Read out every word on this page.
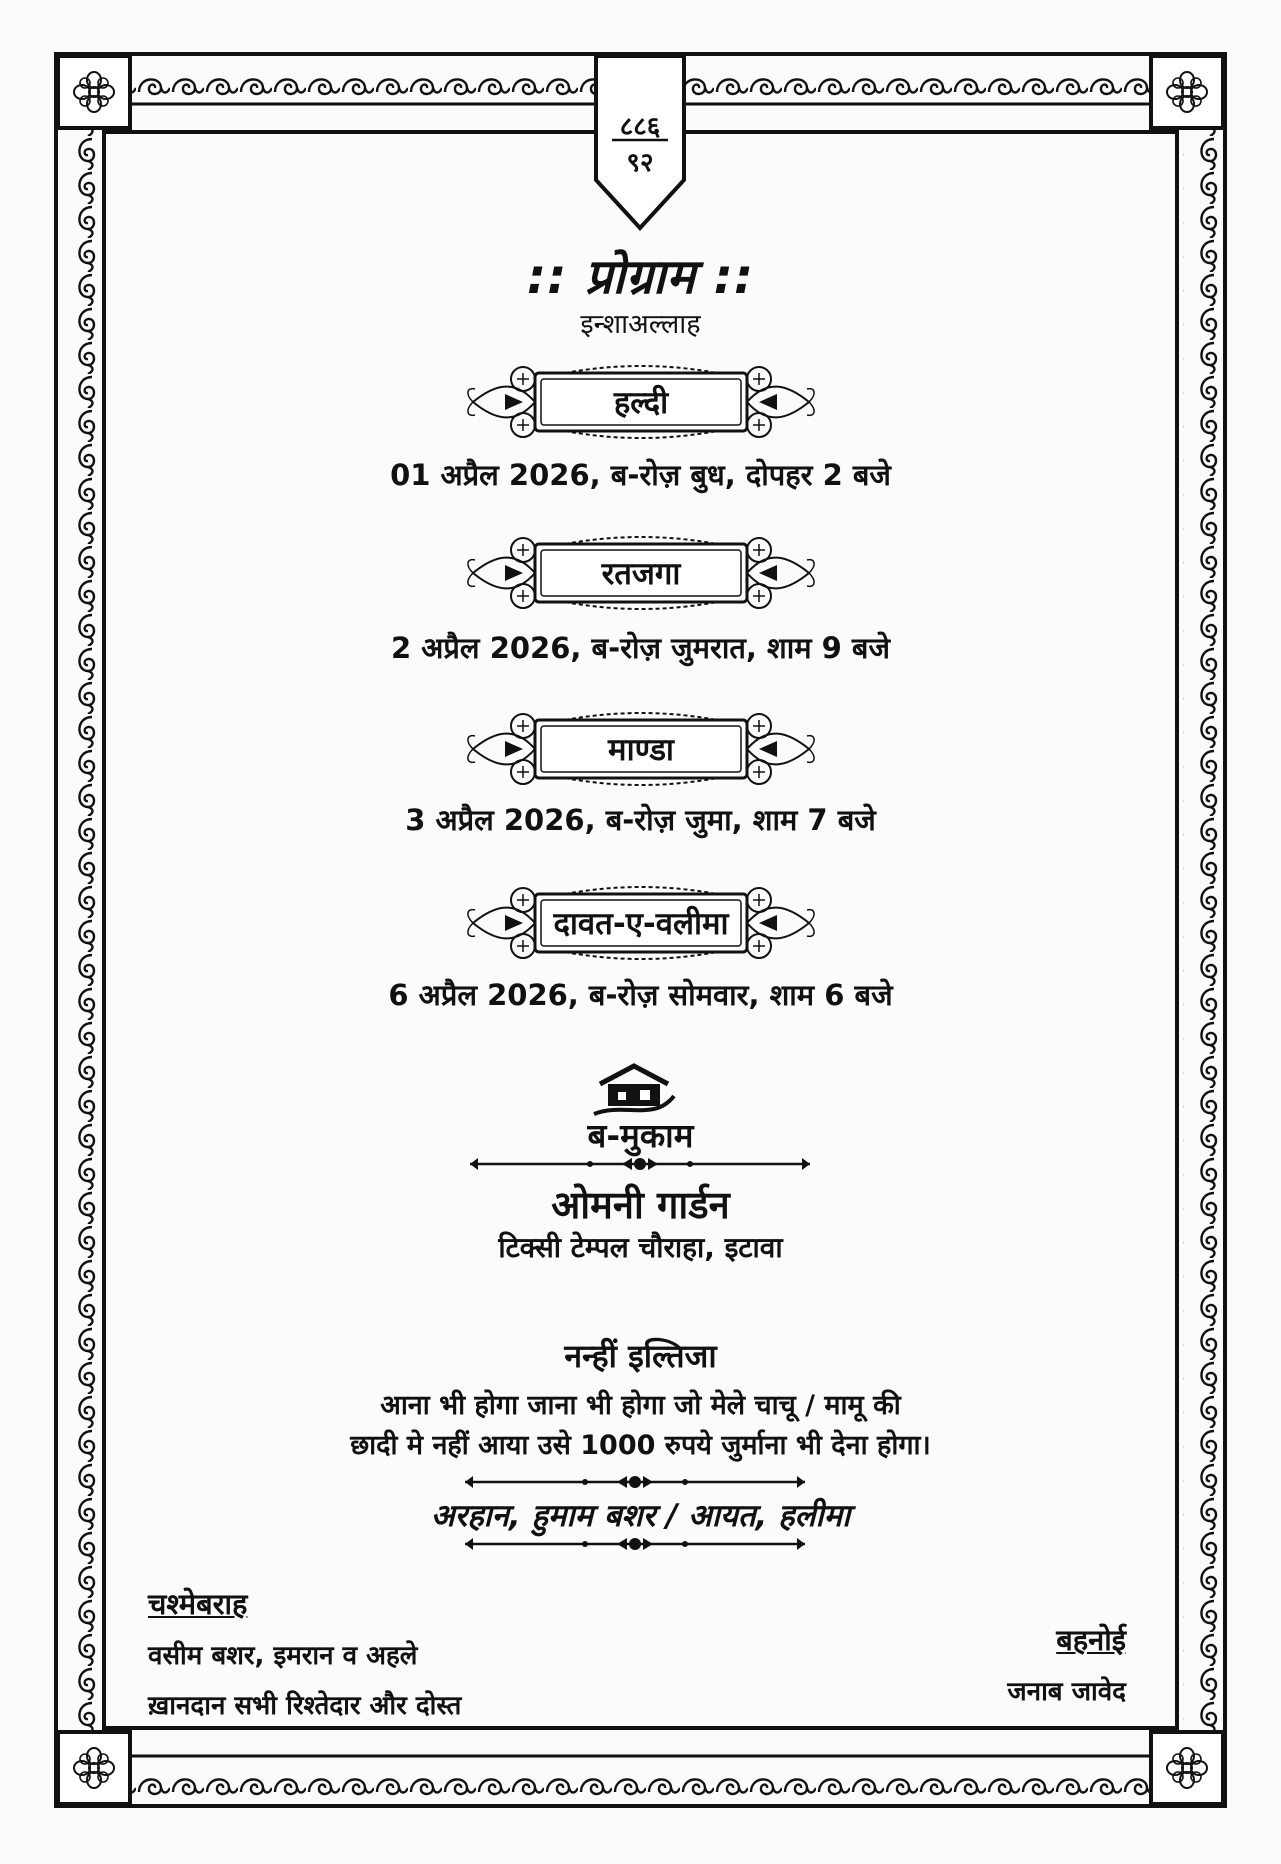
८८६
९२
:: प्रोग्राम ::
इन्शाअल्लाह
हल्दी
01 अप्रैल 2026, ब-रोज़ बुध, दोपहर 2 बजे
रतजगा
2 अप्रैल 2026, ब-रोज़ जुमरात, शाम 9 बजे
माण्डा
3 अप्रैल 2026, ब-रोज़ जुमा, शाम 7 बजे
दावत-ए-वलीमा
6 अप्रैल 2026, ब-रोज़ सोमवार, शाम 6 बजे
ब-मुकाम
ओमनी गार्डन
टिक्सी टेम्पल चौराहा, इटावा
नन्हीं इल्तिजा
आना भी होगा जाना भी होगा जो मेले चाचू / मामू की
छादी मे नहीं आया उसे 1000 रुपये जुर्माना भी देना होगा।
अरहान, हुमाम बशर / आयत, हलीमा
चश्मेबराह
वसीम बशर, इमरान व अहले
ख़ानदान सभी रिश्तेदार और दोस्त
बहनोई
जनाब जावेद
